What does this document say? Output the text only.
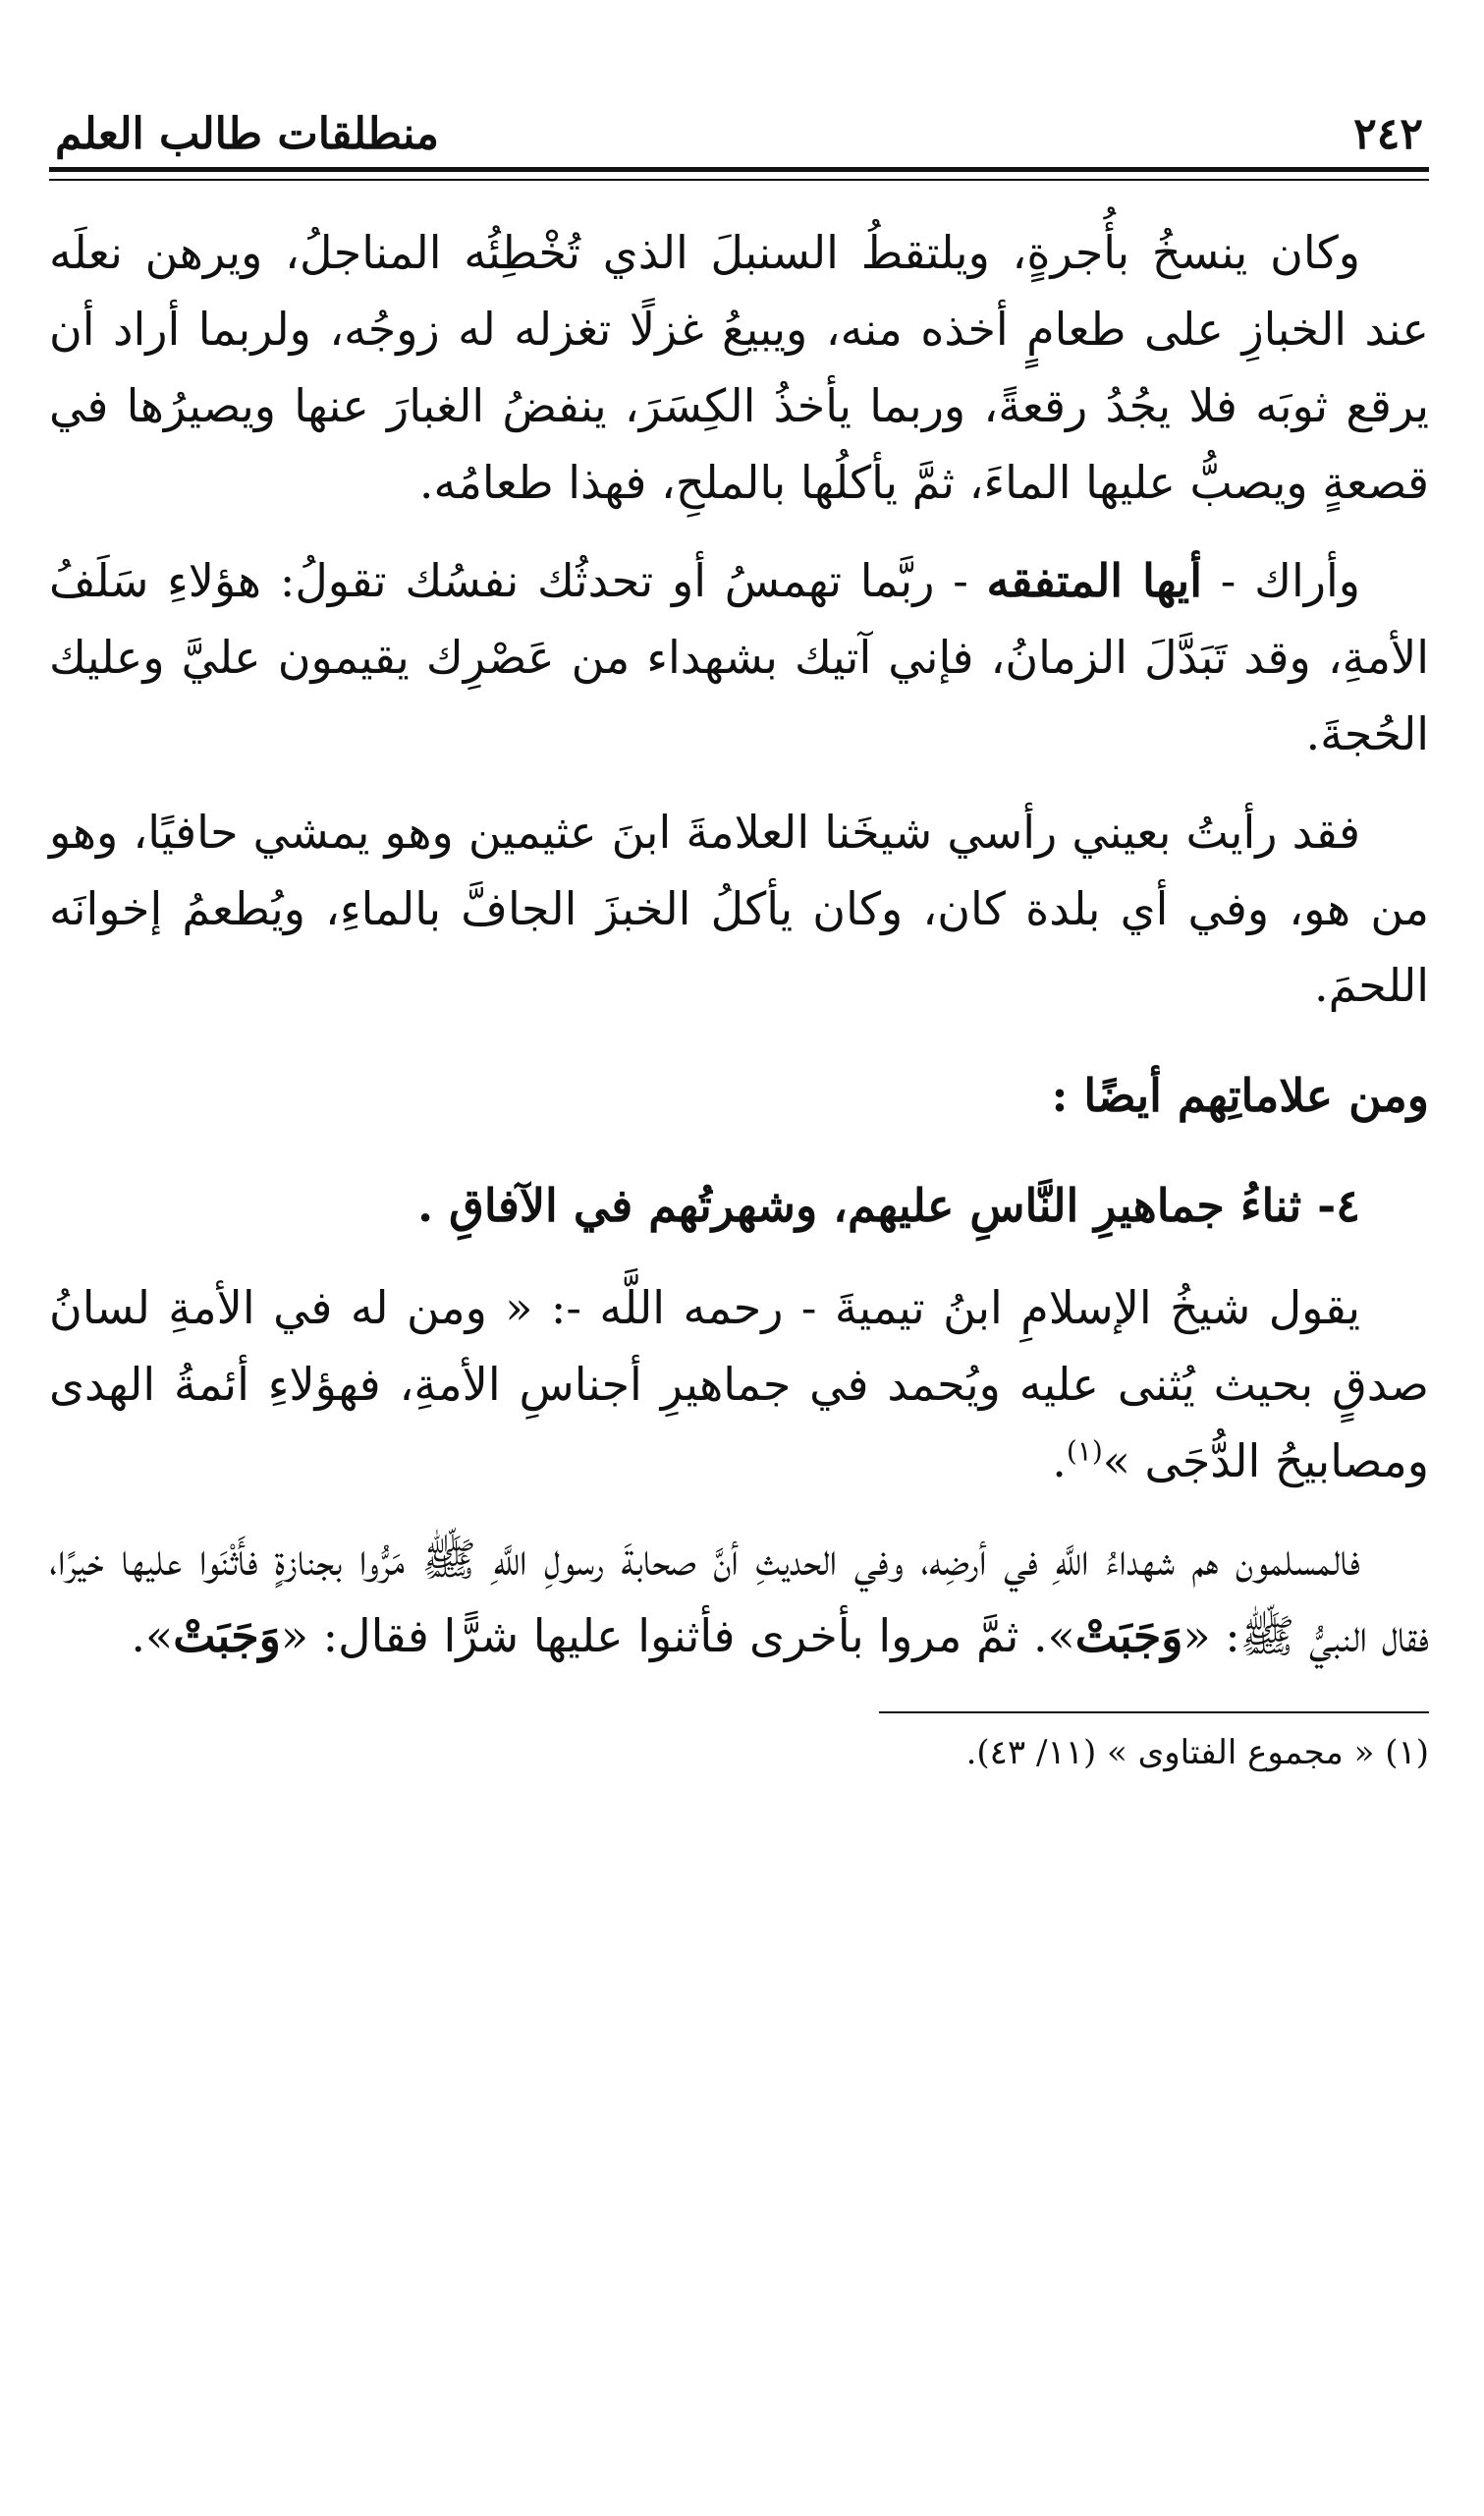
٢٤٢
منطلقات طالب العلم

وكان ينسخُ بأُجرةٍ، ويلتقطُ السنبلَ الذي تُخْطِئُه المناجلُ، ويرهن نعلَه عند الخبازِ على طعامٍ أخذه منه، ويبيعُ غزلًا تغزله له زوجُه، ولربما أراد أن يرقع ثوبَه فلا يجُدُ رقعةً، وربما يأخذُ الكِسَرَ، ينفضُ الغبارَ عنها ويصيرُها في قصعةٍ ويصبُّ عليها الماءَ، ثمَّ يأكلُها بالملحِ، فهذا طعامُه.

وأراك - أيها المتفقه - ربَّما تهمسُ أو تحدثُك نفسُك تقولُ: هؤلاءِ سَلَفُ الأمةِ، وقد تَبَدَّلَ الزمانُ، فإني آتيك بشهداء من عَصْرِك يقيمون عليَّ وعليك الحُجةَ.

فقد رأيتُ بعيني رأسي شيخَنا العلامةَ ابنَ عثيمين وهو يمشي حافيًا، وهو من هو، وفي أي بلدة كان، وكان يأكلُ الخبزَ الجافَّ بالماءِ، ويُطعمُ إخوانَه اللحمَ.

ومن علاماتِهم أيضًا :

٤- ثناءُ جماهيرِ النَّاسِ عليهم، وشهرتُهم في الآفاقِ .

يقول شيخُ الإسلامِ ابنُ تيميةَ - رحمه اللَّه -: « ومن له في الأمةِ لسانُ صدقٍ بحيث يُثنى عليه ويُحمد في جماهيرِ أجناسِ الأمةِ، فهؤلاءِ أئمةُ الهدى ومصابيحُ الدُّجَى »$^{(١)}$.

فالمسلمون هم شهداءُ اللَّهِ في أرضِه، وفي الحديثِ أنَّ صحابةَ رسولِ اللَّهِ ﷺ مَرُّوا بجنازةٍ فأَثْنَوا عليها خيرًا، فقال النبيُّ ﷺ: «وَجَبَتْ». ثمَّ مروا بأخرى فأثنوا عليها شرًّا فقال: «وَجَبَتْ».

(١) « مجموع الفتاوى » (١١/ ٤٣).
